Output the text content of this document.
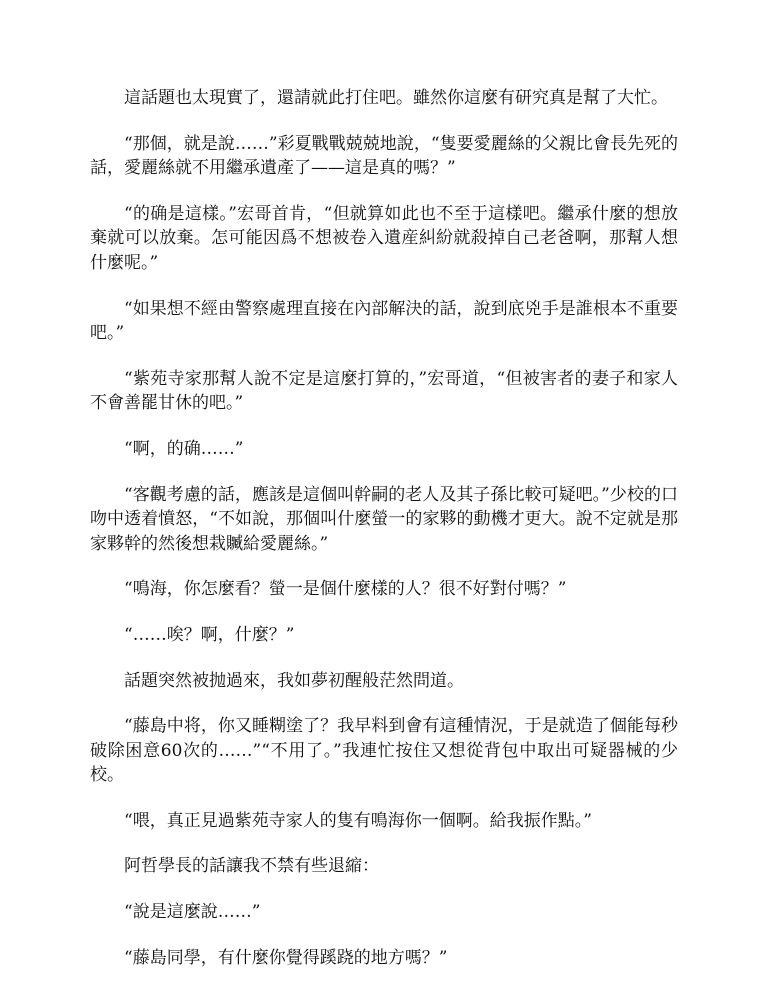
這話題也太現實了，還請就此打住吧。雖然你這麼有研究真是幫了大忙。

“那個，就是說……”彩夏戰戰兢兢地說，“隻要愛麗絲的父親比會長先死的話，愛麗絲就不用繼承遺產了——這是真的嗎？”

“的确是這樣。”宏哥首肯，“但就算如此也不至于這樣吧。繼承什麼的想放棄就可以放棄。怎可能因爲不想被卷入遺産糾紛就殺掉自己老爸啊，那幫人想什麼呢。”

“如果想不經由警察處理直接在內部解決的話，說到底兇手是誰根本不重要吧。”

“紫苑寺家那幫人說不定是這麼打算的，”宏哥道，“但被害者的妻子和家人不會善罷甘休的吧。”

“啊，的确……”

“客觀考慮的話，應該是這個叫幹嗣的老人及其子孫比較可疑吧。”少校的口吻中透着憤怒，“不如說，那個叫什麼螢一的家夥的動機才更大。說不定就是那家夥幹的然後想栽贓給愛麗絲。”

“鳴海，你怎麼看？螢一是個什麼樣的人？很不好對付嗎？”

“……唉？啊，什麼？”

話題突然被抛過來，我如夢初醒般茫然問道。

“藤島中将，你又睡糊塗了？我早料到會有這種情況，于是就造了個能每秒破除困意60次的……”“不用了。”我連忙按住又想從背包中取出可疑器械的少校。

“喂，真正見過紫苑寺家人的隻有鳴海你一個啊。給我振作點。”

阿哲學長的話讓我不禁有些退縮：

“說是這麼說……”

“藤島同學，有什麼你覺得蹊跷的地方嗎？”
